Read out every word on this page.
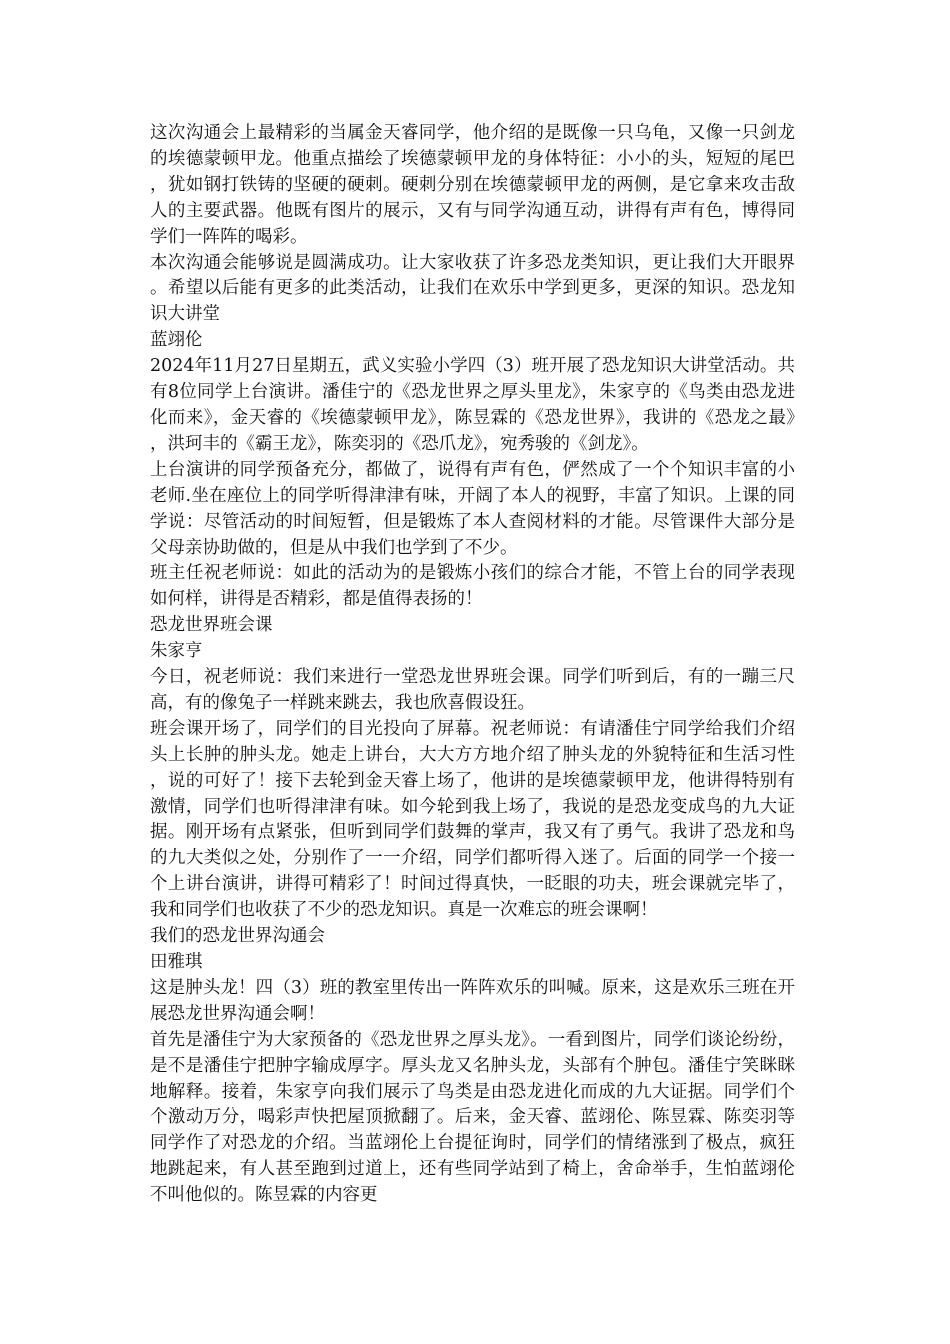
这次沟通会上最精彩的当属金天睿同学，他介绍的是既像一只乌龟，又像一只剑龙的埃德蒙顿甲龙。他重点描绘了埃德蒙顿甲龙的身体特征：小小的头，短短的尾巴，犹如钢打铁铸的坚硬的硬刺。硬刺分别在埃德蒙顿甲龙的两侧，是它拿来攻击敌人的主要武器。他既有图片的展示，又有与同学沟通互动，讲得有声有色，博得同学们一阵阵的喝彩。

本次沟通会能够说是圆满成功。让大家收获了许多恐龙类知识，更让我们大开眼界。希望以后能有更多的此类活动，让我们在欢乐中学到更多，更深的知识。恐龙知识大讲堂

蓝翊伦

2024年11月27日星期五，武义实验小学四（3）班开展了恐龙知识大讲堂活动。共有8位同学上台演讲。潘佳宁的《恐龙世界之厚头里龙》，朱家亨的《鸟类由恐龙进化而来》，金天睿的《埃德蒙顿甲龙》，陈昱霖的《恐龙世界》，我讲的《恐龙之最》，洪珂丰的《霸王龙》，陈奕羽的《恐爪龙》，宛秀骏的《剑龙》。

上台演讲的同学预备充分，都做了，说得有声有色，俨然成了一个个知识丰富的小老师.坐在座位上的同学听得津津有味，开阔了本人的视野，丰富了知识。上课的同学说：尽管活动的时间短暂，但是锻炼了本人查阅材料的才能。尽管课件大部分是父母亲协助做的，但是从中我们也学到了不少。

班主任祝老师说：如此的活动为的是锻炼小孩们的综合才能，不管上台的同学表现如何样，讲得是否精彩，都是值得表扬的！

恐龙世界班会课

朱家亨

今日，祝老师说：我们来进行一堂恐龙世界班会课。同学们听到后，有的一蹦三尺高，有的像兔子一样跳来跳去，我也欣喜假设狂。

班会课开场了，同学们的目光投向了屏幕。祝老师说：有请潘佳宁同学给我们介绍头上长肿的肿头龙。她走上讲台，大大方方地介绍了肿头龙的外貌特征和生活习性，说的可好了！接下去轮到金天睿上场了，他讲的是埃德蒙顿甲龙，他讲得特别有激情，同学们也听得津津有味。如今轮到我上场了，我说的是恐龙变成鸟的九大证据。刚开场有点紧张，但听到同学们鼓舞的掌声，我又有了勇气。我讲了恐龙和鸟的九大类似之处，分别作了一一介绍，同学们都听得入迷了。后面的同学一个接一个上讲台演讲，讲得可精彩了！时间过得真快，一眨眼的功夫，班会课就完毕了，我和同学们也收获了不少的恐龙知识。真是一次难忘的班会课啊！

我们的恐龙世界沟通会

田雅琪

这是肿头龙！四（3）班的教室里传出一阵阵欢乐的叫喊。原来，这是欢乐三班在开展恐龙世界沟通会啊！

首先是潘佳宁为大家预备的《恐龙世界之厚头龙》。一看到图片，同学们谈论纷纷，是不是潘佳宁把肿字输成厚字。厚头龙又名肿头龙，头部有个肿包。潘佳宁笑眯眯地解释。接着，朱家亨向我们展示了鸟类是由恐龙进化而成的九大证据。同学们个个激动万分，喝彩声快把屋顶掀翻了。后来，金天睿、蓝翊伦、陈昱霖、陈奕羽等同学作了对恐龙的介绍。当蓝翊伦上台提征询时，同学们的情绪涨到了极点，疯狂地跳起来，有人甚至跑到过道上，还有些同学站到了椅上，舍命举手，生怕蓝翊伦不叫他似的。陈昱霖的内容更
